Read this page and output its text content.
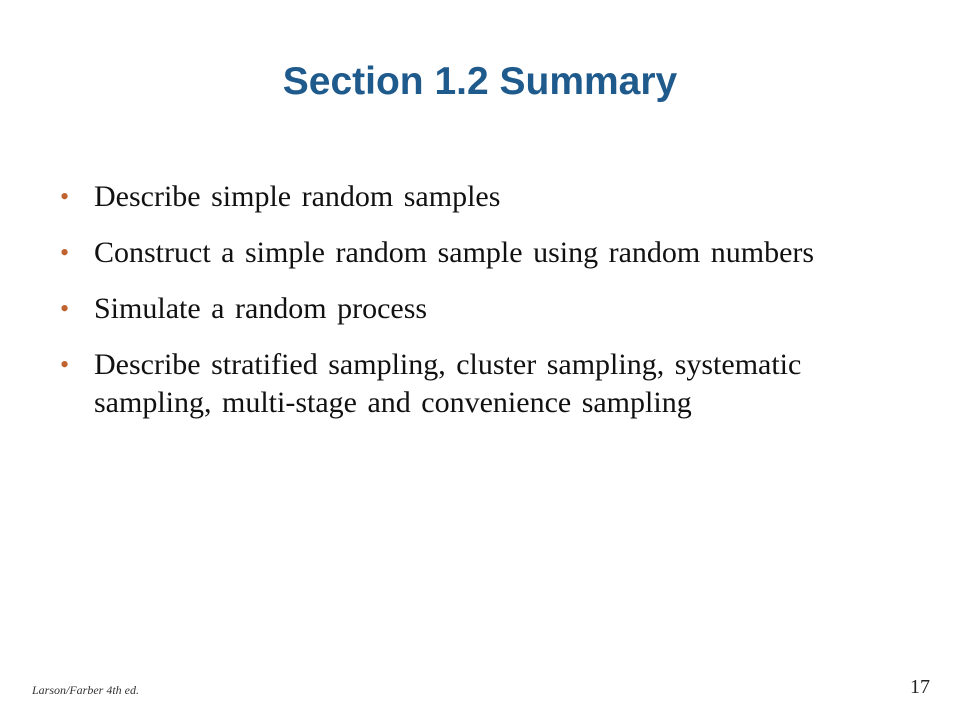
Section 1.2 Summary
• Describe simple random samples
• Construct a simple random sample using random numbers
• Simulate a random process
• Describe stratified sampling, cluster sampling, systematic sampling, multi-stage and convenience sampling
Larson/Farber 4th ed.	17
